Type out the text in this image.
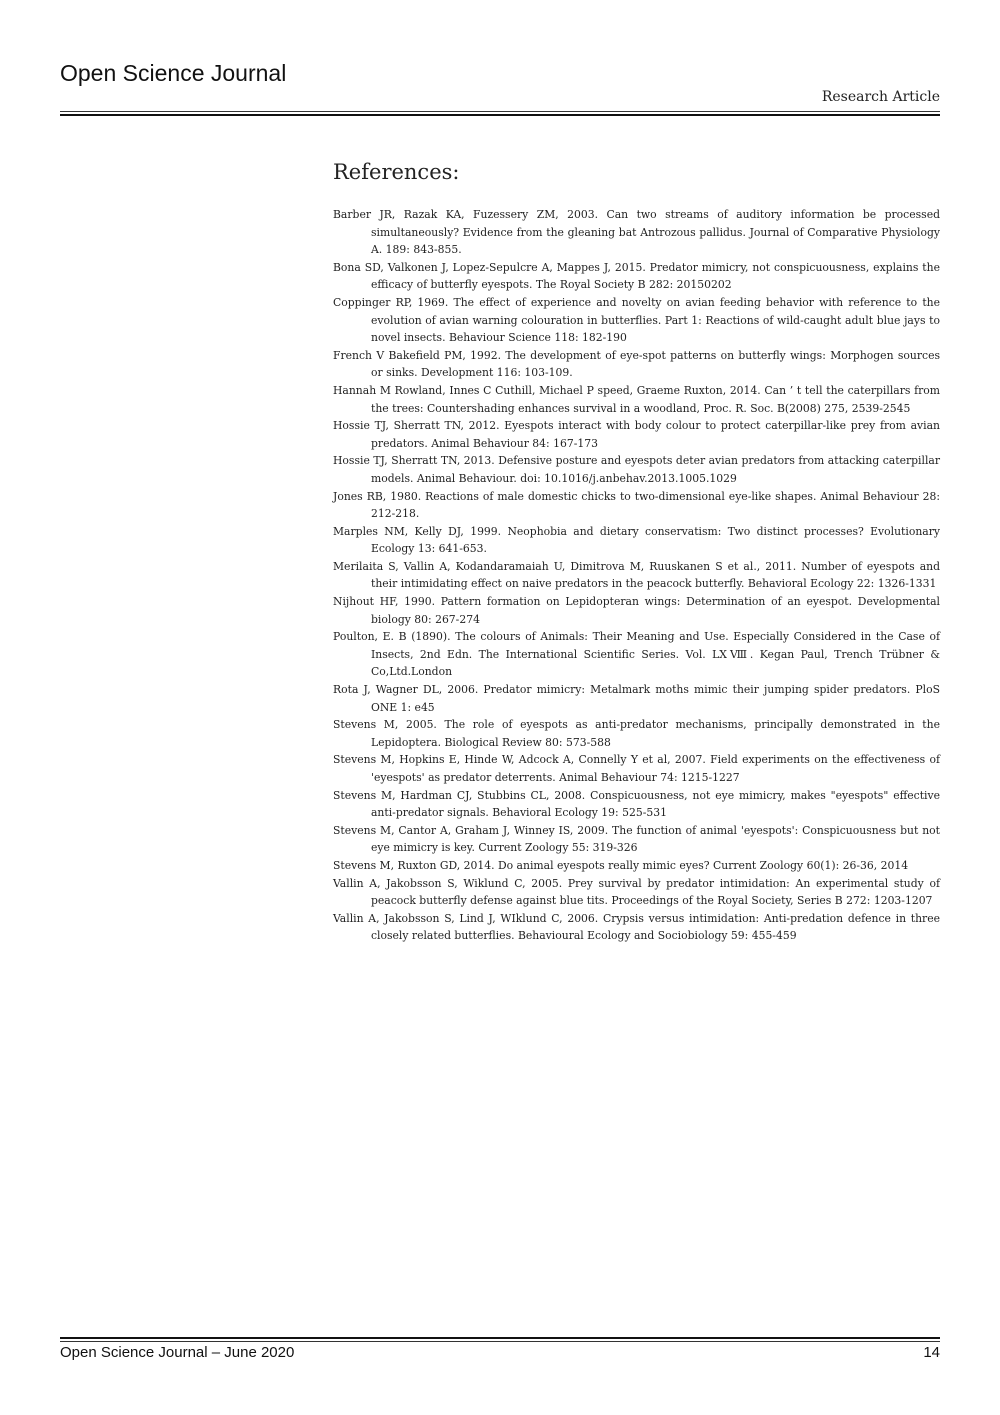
Open Science Journal
Research Article
References:
Barber JR, Razak KA, Fuzessery ZM, 2003. Can two streams of auditory information be processed simultaneously? Evidence from the gleaning bat Antrozous pallidus. Journal of Comparative Physiology A. 189: 843-855.
Bona SD, Valkonen J, Lopez-Sepulcre A, Mappes J, 2015. Predator mimicry, not conspicuousness, explains the efficacy of butterfly eyespots. The Royal Society B 282: 20150202
Coppinger RP, 1969. The effect of experience and novelty on avian feeding behavior with reference to the evolution of avian warning colouration in butterflies. Part 1: Reactions of wild-caught adult blue jays to novel insects. Behaviour Science 118: 182-190
French V Bakefield PM, 1992. The development of eye-spot patterns on butterfly wings: Morphogen sources or sinks. Development 116: 103-109.
Hannah M Rowland, Innes C Cuthill, Michael P speed, Graeme Ruxton, 2014. Can ’ t tell the caterpillars from the trees: Countershading enhances survival in a woodland, Proc. R. Soc. B(2008) 275, 2539-2545
Hossie TJ, Sherratt TN, 2012. Eyespots interact with body colour to protect caterpillar-like prey from avian predators. Animal Behaviour 84: 167-173
Hossie TJ, Sherratt TN, 2013. Defensive posture and eyespots deter avian predators from attacking caterpillar models. Animal Behaviour. doi: 10.1016/j.anbehav.2013.1005.1029
Jones RB, 1980. Reactions of male domestic chicks to two-dimensional eye-like shapes. Animal Behaviour 28: 212-218.
Marples NM, Kelly DJ, 1999. Neophobia and dietary conservatism: Two distinct processes? Evolutionary Ecology 13: 641-653.
Merilaita S, Vallin A, Kodandaramaiah U, Dimitrova M, Ruuskanen S et al., 2011. Number of eyespots and their intimidating effect on naive predators in the peacock butterfly. Behavioral Ecology 22: 1326-1331
Nijhout HF, 1990. Pattern formation on Lepidopteran wings: Determination of an eyespot. Developmental biology 80: 267-274
Poulton, E. B (1890). The colours of Animals: Their Meaning and Use. Especially Considered in the Case of Insects, 2nd Edn. The International Scientific Series. Vol. LXⅧ. Kegan Paul, Trench Trübner & Co,Ltd.London
Rota J, Wagner DL, 2006. Predator mimicry: Metalmark moths mimic their jumping spider predators. PloS ONE 1: e45
Stevens M, 2005. The role of eyespots as anti-predator mechanisms, principally demonstrated in the Lepidoptera. Biological Review 80: 573-588
Stevens M, Hopkins E, Hinde W, Adcock A, Connelly Y et al, 2007. Field experiments on the effectiveness of 'eyespots' as predator deterrents. Animal Behaviour 74: 1215-1227
Stevens M, Hardman CJ, Stubbins CL, 2008. Conspicuousness, not eye mimicry, makes "eyespots" effective anti-predator signals. Behavioral Ecology 19: 525-531
Stevens M, Cantor A, Graham J, Winney IS, 2009. The function of animal 'eyespots': Conspicuousness but not eye mimicry is key. Current Zoology 55: 319-326
Stevens M, Ruxton GD, 2014. Do animal eyespots really mimic eyes? Current Zoology 60(1): 26-36, 2014
Vallin A, Jakobsson S, Wiklund C, 2005. Prey survival by predator intimidation: An experimental study of peacock butterfly defense against blue tits. Proceedings of the Royal Society, Series B 272: 1203-1207
Vallin A, Jakobsson S, Lind J, WIklund C, 2006. Crypsis versus intimidation: Anti-predation defence in three closely related butterflies. Behavioural Ecology and Sociobiology 59: 455-459
Open Science Journal – June 2020	14
